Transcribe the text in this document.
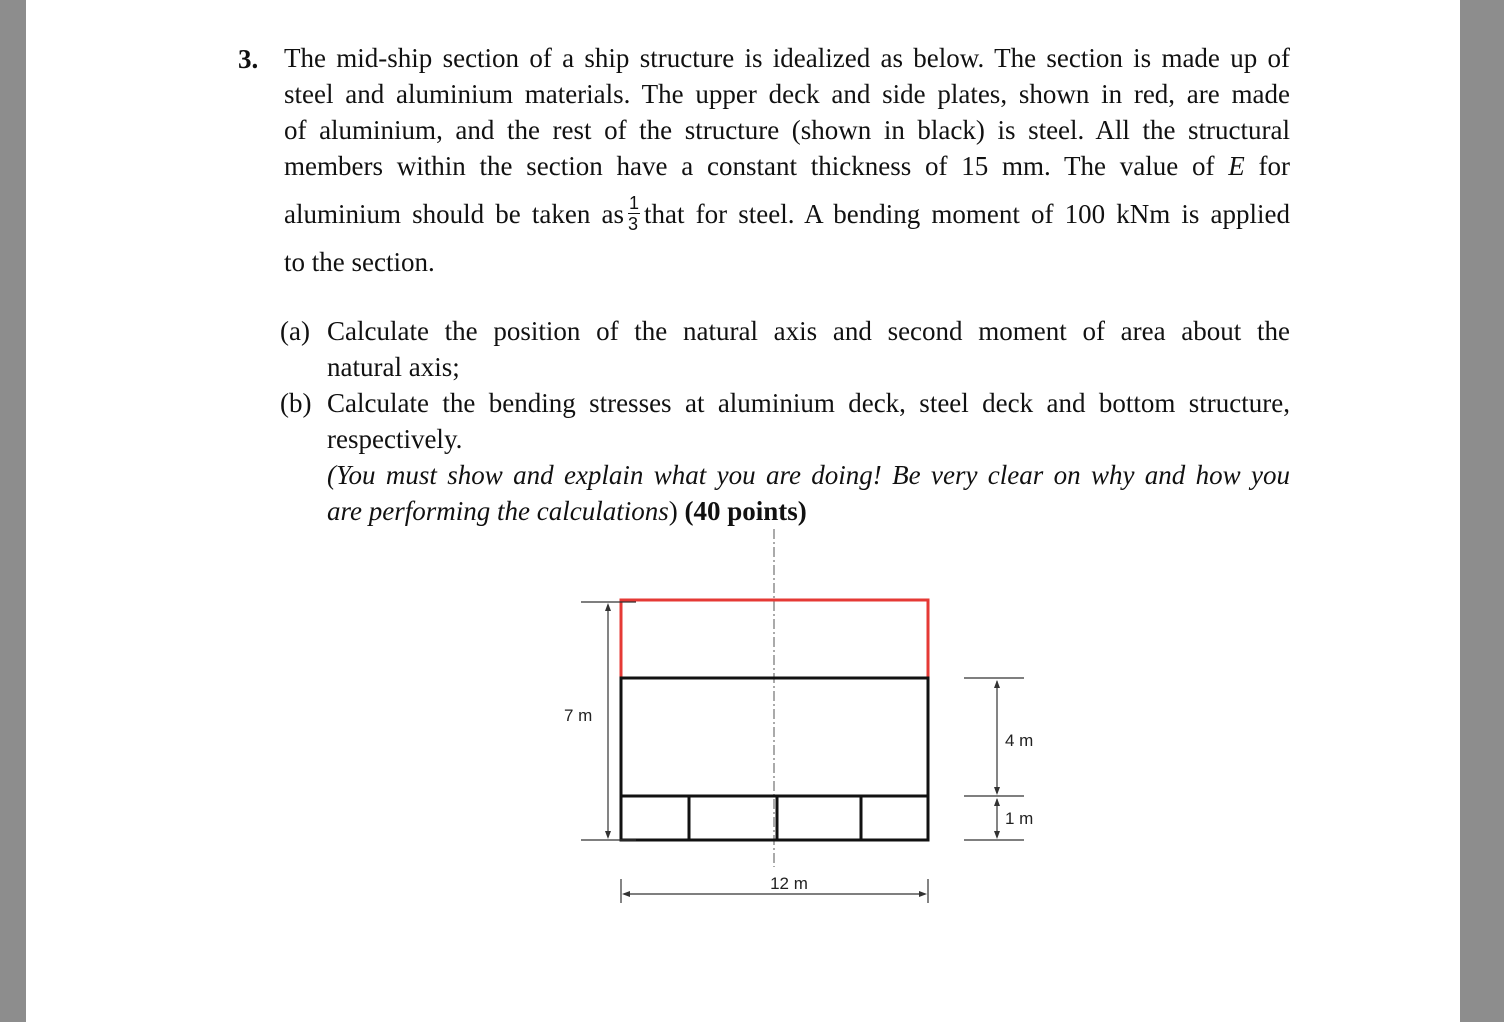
3. The mid-ship section of a ship structure is idealized as below. The section is made up of
steel and aluminium materials. The upper deck and side plates, shown in red, are made
of aluminium, and the rest of the structure (shown in black) is steel. All the structural
members within the section have a constant thickness of 15 mm. The value of E for
aluminium should be taken as $\frac{1}{3}$ that for steel. A bending moment of 100 kNm is applied
to the section.
(a) Calculate the position of the natural axis and second moment of area about the
natural axis;
(b) Calculate the bending stresses at aluminium deck, steel deck and bottom structure,
respectively.
(You must show and explain what you are doing! Be very clear on why and how you
are performing the calculations) (40 points)
7 m
4 m
1 m
12 m
